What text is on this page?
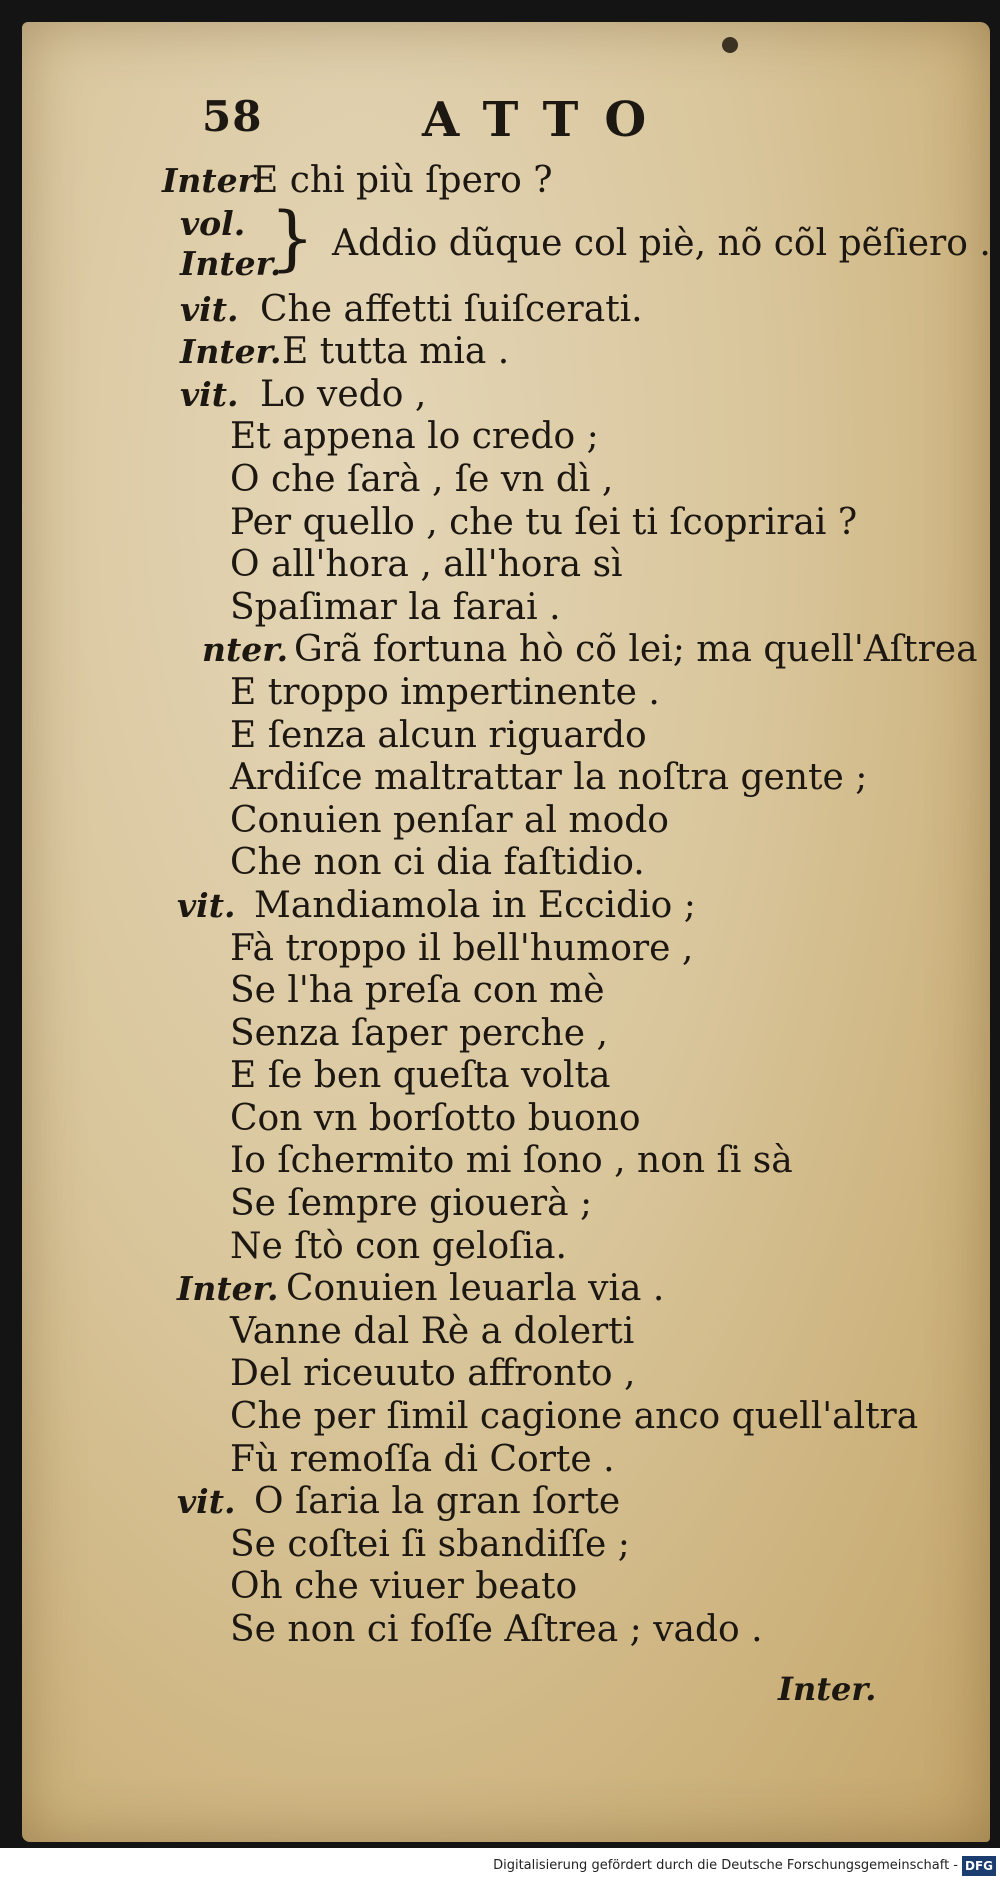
58	ATTO
Inter.
E chi più ſpero ?
vol.
Inter.
} Addio dũque col piè, nõ cõl pẽſiero .
vit. Che affetti ſuiſcerati.
Inter. E tutta mia .
vit. Lo vedo ,
Et appena lo credo ;
O che ſarà , ſe vn dì ,
Per quello , che tu ſei ti ſcoprirai ?
O all'hora , all'hora sì
Spaſimar la farai .
nter. Grã fortuna hò cõ lei; ma quell'Aſtrea
E troppo impertinente .
E ſenza alcun riguardo
Ardiſce maltrattar la noſtra gente ;
Conuien penſar al modo
Che non ci dia faſtidio.
vit. Mandiamola in Eccidio ;
Fà troppo il bell'humore ,
Se l'ha preſa con mè
Senza ſaper perche ,
E ſe ben queſta volta
Con vn borſotto buono
Io ſchermito mi ſono , non ſi sà
Se ſempre giouerà ;
Ne ſtò con geloſia.
Inter. Conuien leuarla via .
Vanne dal Rè a dolerti
Del riceuuto affronto ,
Che per ſimil cagione anco quell'altra
Fù remoſſa di Corte .
vit. O ſaria la gran ſorte
Se coſtei ſi sbandiſſe ;
Oh che viuer beato
Se non ci foſſe Aſtrea ; vado .
Inter.
Digitalisierung gefördert durch die Deutsche Forschungsgemeinschaft - DFG
